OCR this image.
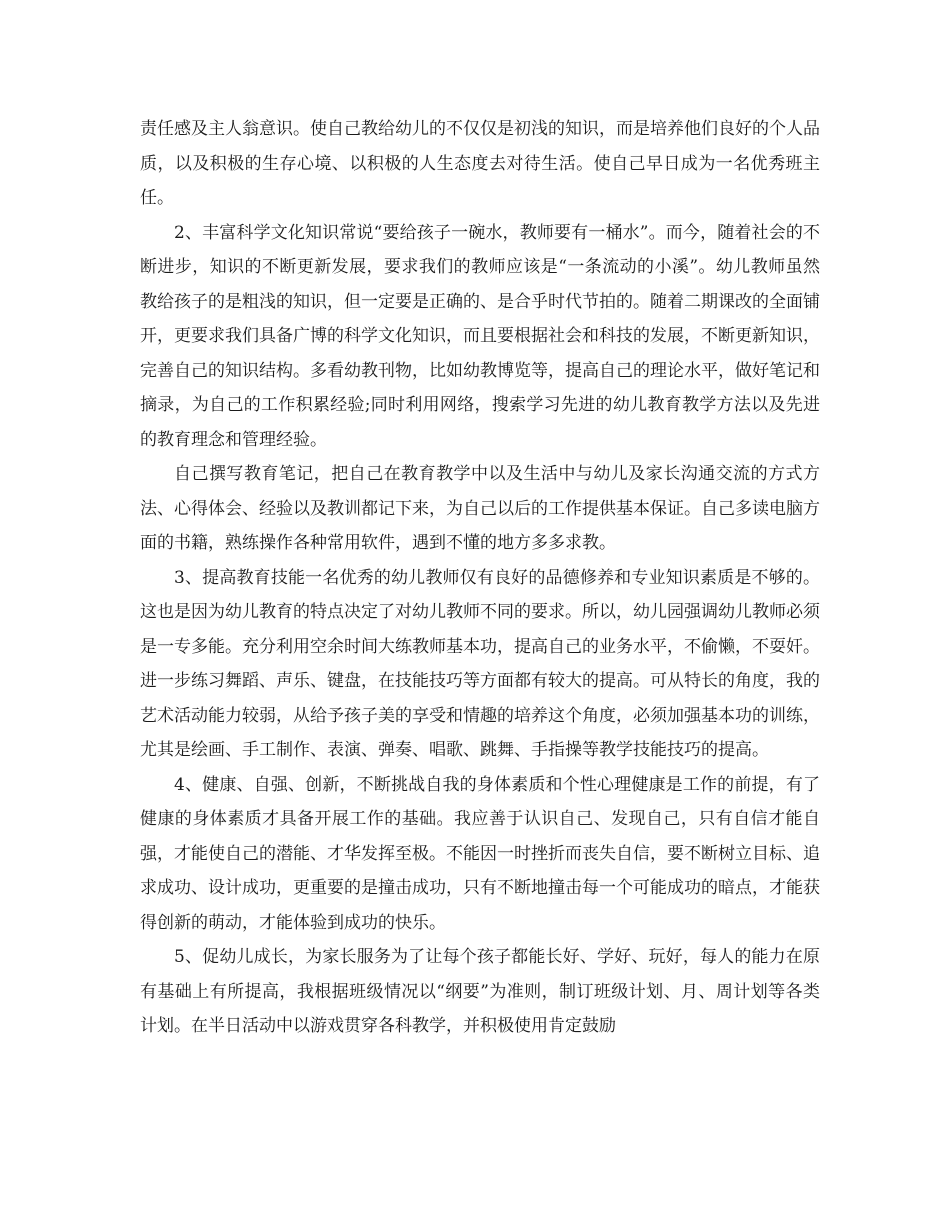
责任感及主人翁意识。使自己教给幼儿的不仅仅是初浅的知识，而是培养他们良好的个人品质，以及积极的生存心境、以积极的人生态度去对待生活。使自己早日成为一名优秀班主任。

2、丰富科学文化知识常说“要给孩子一碗水，教师要有一桶水”。而今，随着社会的不断进步，知识的不断更新发展，要求我们的教师应该是“一条流动的小溪”。幼儿教师虽然教给孩子的是粗浅的知识，但一定要是正确的、是合乎时代节拍的。随着二期课改的全面铺开，更要求我们具备广博的科学文化知识，而且要根据社会和科技的发展，不断更新知识，完善自己的知识结构。多看幼教刊物，比如幼教博览等，提高自己的理论水平，做好笔记和摘录，为自己的工作积累经验;同时利用网络，搜索学习先进的幼儿教育教学方法以及先进的教育理念和管理经验。

自己撰写教育笔记，把自己在教育教学中以及生活中与幼儿及家长沟通交流的方式方法、心得体会、经验以及教训都记下来，为自己以后的工作提供基本保证。自己多读电脑方面的书籍，熟练操作各种常用软件，遇到不懂的地方多多求教。

3、提高教育技能一名优秀的幼儿教师仅有良好的品德修养和专业知识素质是不够的。这也是因为幼儿教育的特点决定了对幼儿教师不同的要求。所以，幼儿园强调幼儿教师必须是一专多能。充分利用空余时间大练教师基本功，提高自己的业务水平，不偷懒，不耍奸。进一步练习舞蹈、声乐、键盘，在技能技巧等方面都有较大的提高。可从特长的角度，我的艺术活动能力较弱，从给予孩子美的享受和情趣的培养这个角度，必须加强基本功的训练，尤其是绘画、手工制作、表演、弹奏、唱歌、跳舞、手指操等教学技能技巧的提高。

4、健康、自强、创新，不断挑战自我的身体素质和个性心理健康是工作的前提，有了健康的身体素质才具备开展工作的基础。我应善于认识自己、发现自己，只有自信才能自强，才能使自己的潜能、才华发挥至极。不能因一时挫折而丧失自信，要不断树立目标、追求成功、设计成功，更重要的是撞击成功，只有不断地撞击每一个可能成功的暗点，才能获得创新的萌动，才能体验到成功的快乐。

5、促幼儿成长，为家长服务为了让每个孩子都能长好、学好、玩好，每人的能力在原有基础上有所提高，我根据班级情况以“纲要”为准则，制订班级计划、月、周计划等各类计划。在半日活动中以游戏贯穿各科教学，并积极使用肯定鼓励
